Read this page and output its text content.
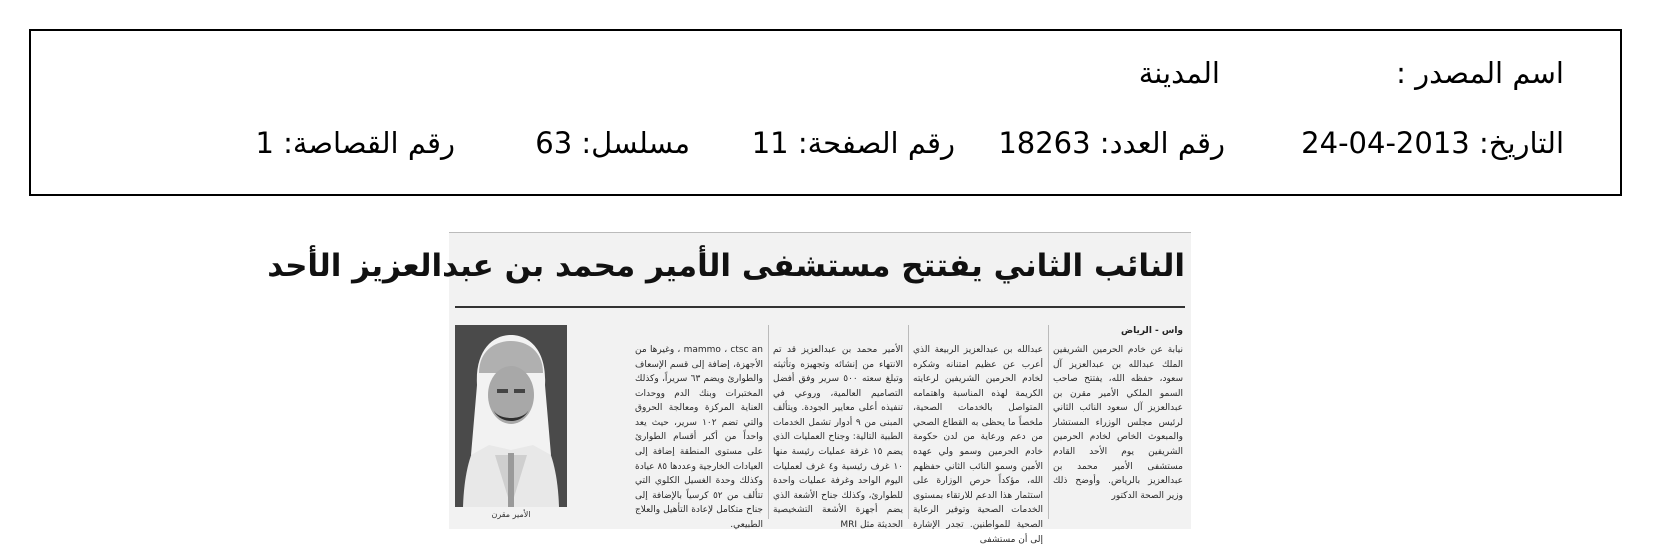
اسم المصدر :
المدينة
التاريخ: 2013-04-24
رقم العدد: 18263
رقم الصفحة: 11
مسلسل: 63
رقم القصاصة: 1
النائب الثاني يفتتح مستشفى الأمير محمد بن عبدالعزيز الأحد
واس - الرياض
نيابة عن خادم الحرمين الشريفين الملك عبدالله بن عبدالعزيز آل سعود، حفظه الله، يفتتح صاحب السمو الملكي الأمير مقرن بن عبدالعزيز آل سعود النائب الثاني لرئيس مجلس الوزراء المستشار والمبعوث الخاص لخادم الحرمين الشريفين يوم الأحد القادم مستشفى الأمير محمد بن عبدالعزيز بالرياض. وأوضح ذلك وزير الصحة الدكتور
عبدالله بن عبدالعزيز الربيعة الذي أعرب عن عظيم امتنانه وشكره لخادم الحرمين الشريفين لرعايته الكريمة لهذه المناسبة واهتمامه المتواصل بالخدمات الصحية، ملخصاً ما يحظى به القطاع الصحي من دعم ورعاية من لدن حكومة خادم الحرمين وسمو ولي عهده الأمين وسمو النائب الثاني حفظهم الله، مؤكداً حرص الوزارة على استثمار هذا الدعم للارتقاء بمستوى الخدمات الصحية وتوفير الرعاية الصحية للمواطنين. تجدر الإشارة إلى أن مستشفى
الأمير محمد بن عبدالعزيز قد تم الانتهاء من إنشائه وتجهيزه وتأثيثه وتبلغ سعته ٥٠٠ سرير وفق أفضل التصاميم العالمية، وروعي في تنفيذه أعلى معايير الجودة. ويتألف المبنى من ٩ أدوار تشمل الخدمات الطبية التالية: وجناح العمليات الذي يضم ١٥ غرفة عمليات رئيسة منها ١٠ غرف رئيسية و٤ غرف لعمليات اليوم الواحد وغرفة عمليات واحدة للطوارئ، وكذلك جناح الأشعة الذي يضم أجهزة الأشعة التشخيصية الحديثة مثل MRI
mammo ، ctsc an ، وغيرها من الأجهزة، إضافة إلى قسم الإسعاف والطوارئ ويضم ٦٣ سريراً، وكذلك المختبرات وبنك الدم ووحدات العناية المركزة ومعالجة الحروق والتي تضم ١٠٢ سرير، حيث يعد واحداً من أكبر أقسام الطوارئ على مستوى المنطقة إضافة إلى العيادات الخارجية وعددها ٨٥ عيادة وكذلك وحدة الغسيل الكلوي التي تتألف من ٥٢ كرسياً بالإضافة إلى جناح متكامل لإعادة التأهيل والعلاج الطبيعي.
الأمير مقرن
